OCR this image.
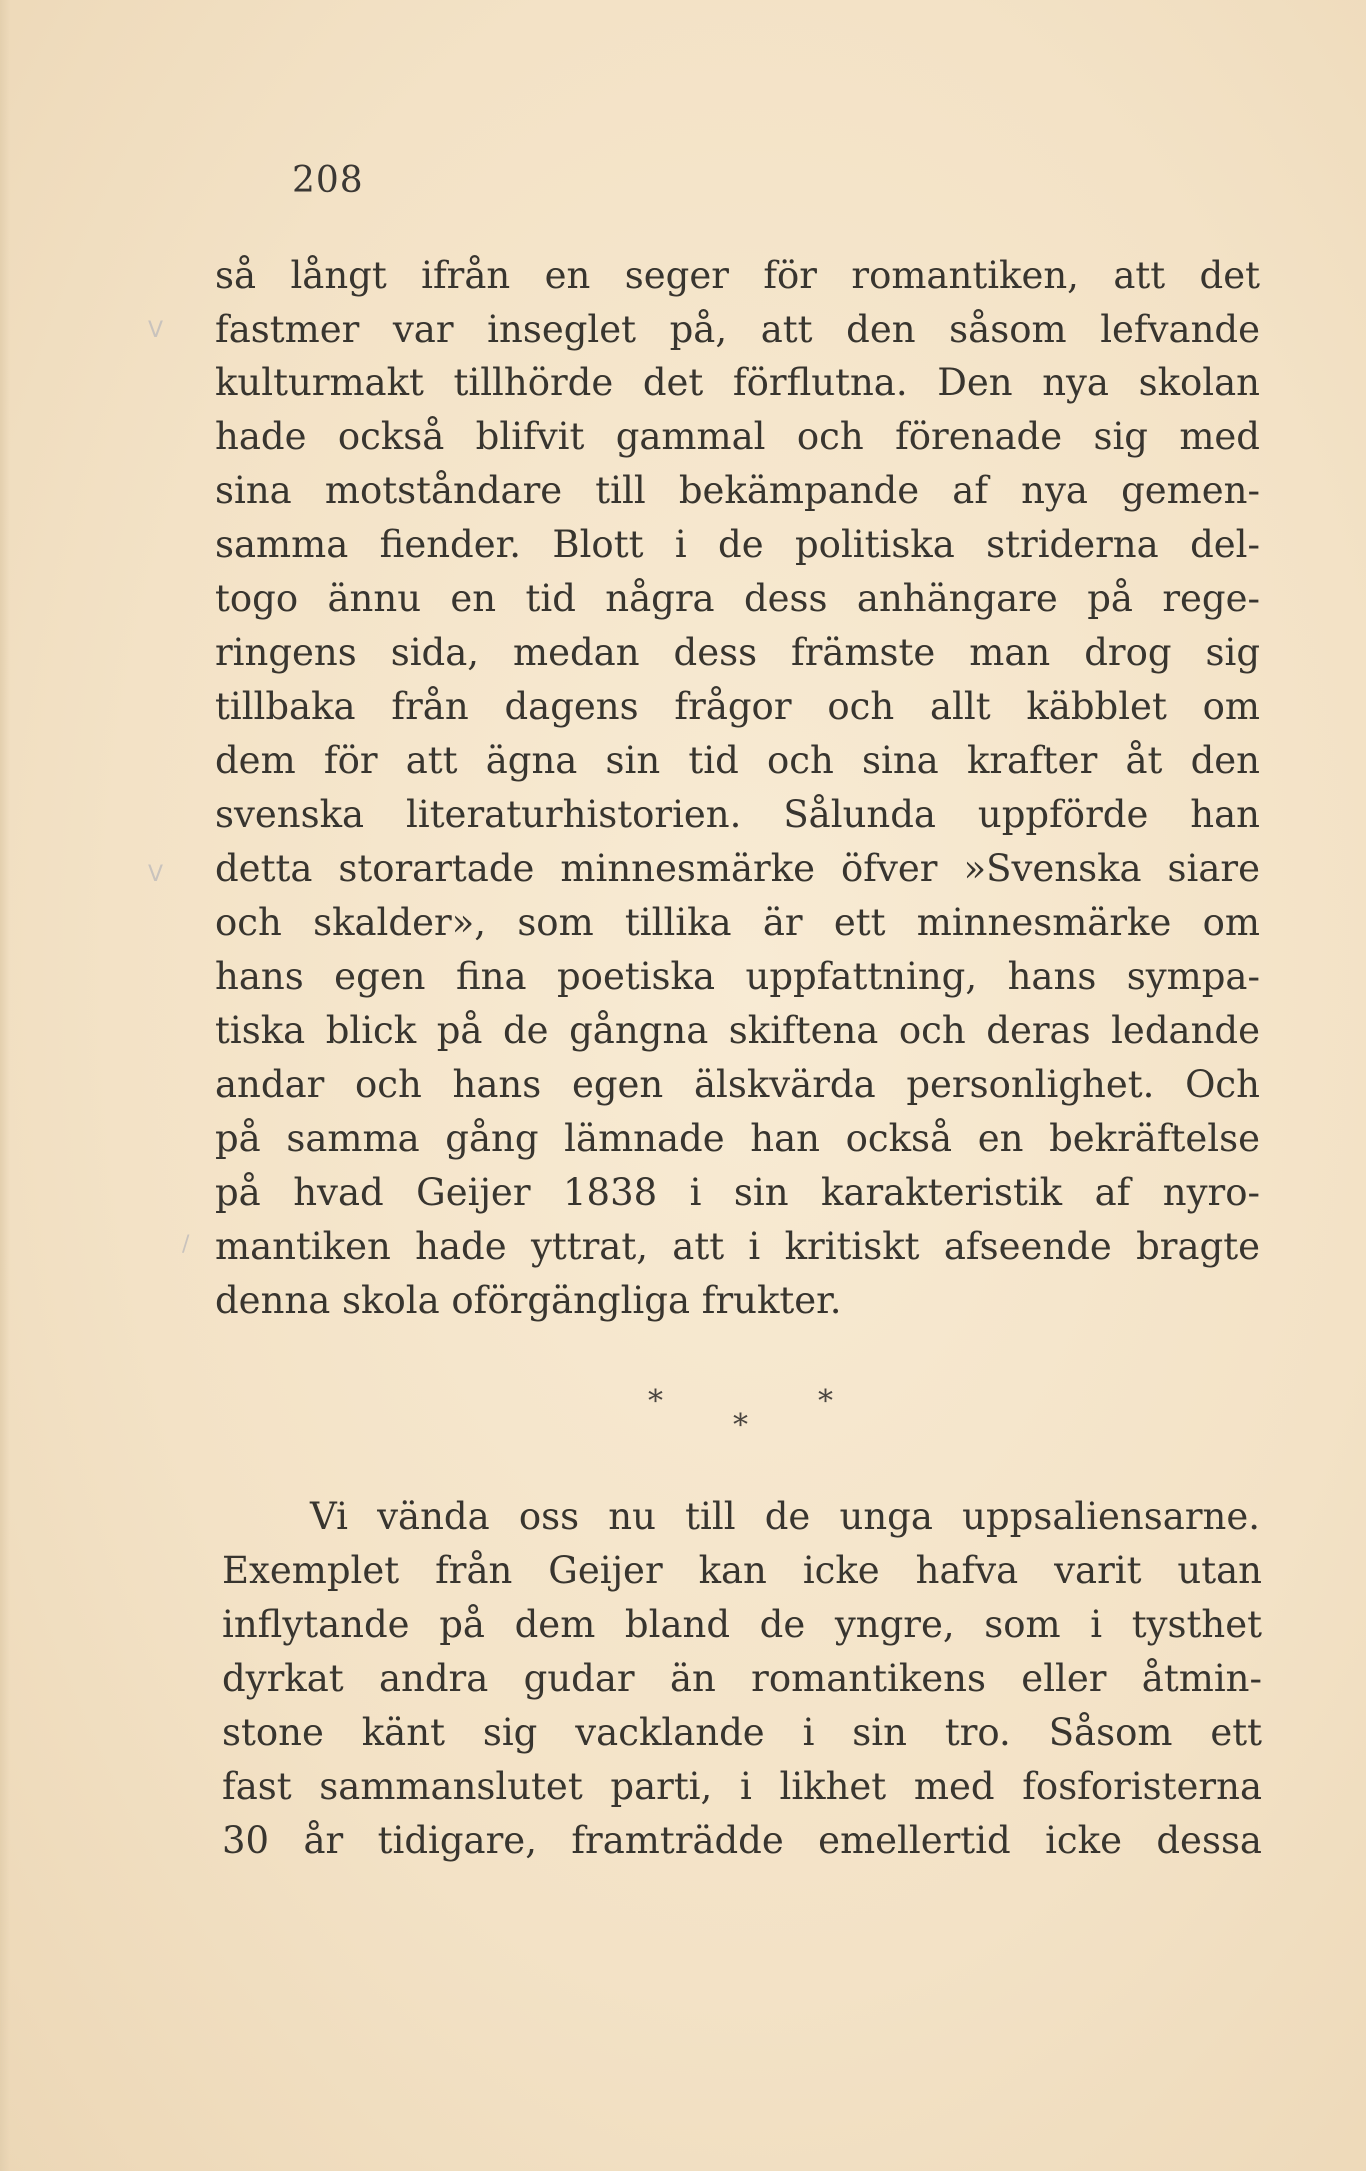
208
V
V
/

så långt ifrån en seger för romantiken, att det

fastmer var inseglet på, att den såsom lefvande

kulturmakt tillhörde det förflutna. Den nya skolan

hade också blifvit gammal och förenade sig med

sina motståndare till bekämpande af nya gemen-

samma fiender. Blott i de politiska striderna del-

togo ännu en tid några dess anhängare på rege-

ringens sida, medan dess främste man drog sig

tillbaka från dagens frågor och allt käbblet om

dem för att ägna sin tid och sina krafter åt den

svenska literaturhistorien. Sålunda uppförde han

detta storartade minnesmärke öfver »Svenska siare

och skalder», som tillika är ett minnesmärke om

hans egen fina poetiska uppfattning, hans sympa-

tiska blick på de gångna skiftena och deras ledande

andar och hans egen älskvärda personlighet. Och

på samma gång lämnade han också en bekräftelse

på hvad Geijer 1838 i sin karakteristik af nyro-

mantiken hade yttrat, att i kritiskt afseende bragte

denna skola oförgängliga frukter.

*	*
*

Vi vända oss nu till de unga uppsaliensarne.

Exemplet från Geijer kan icke hafva varit utan

inflytande på dem bland de yngre, som i tysthet

dyrkat andra gudar än romantikens eller åtmin-

stone känt sig vacklande i sin tro. Såsom ett

fast sammanslutet parti, i likhet med fosforisterna

30 år tidigare, framträdde emellertid icke dessa
